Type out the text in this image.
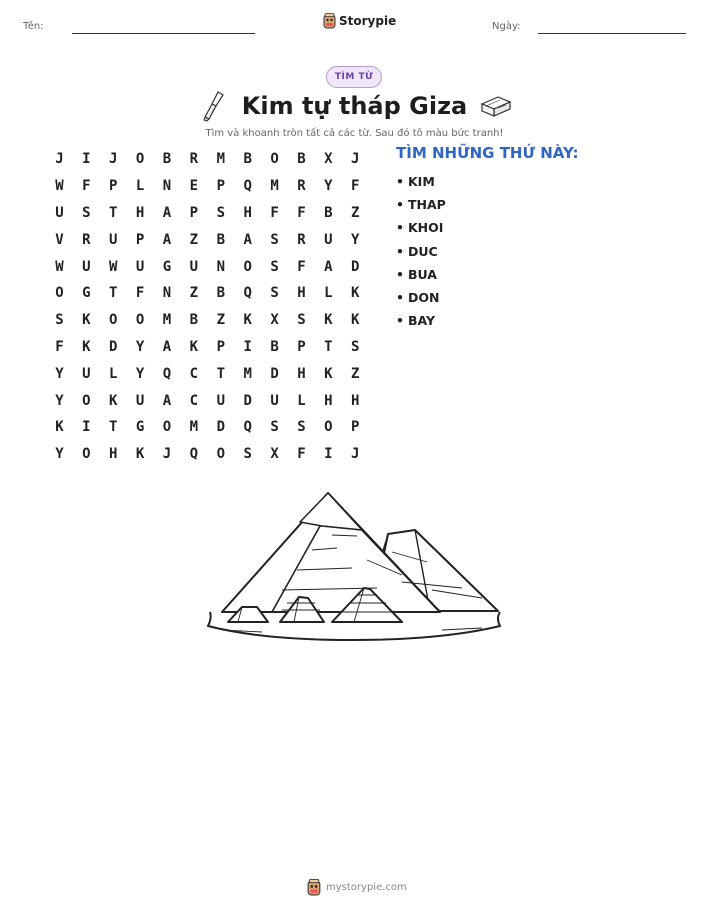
Tên:	Storypie	Ngày:
TÌM TỪ
Kim tự tháp Giza
Tìm và khoanh tròn tất cả các từ. Sau đó tô màu bức tranh!
J	I	J	O	B	R	M	B	O	B	X	J
W	F	P	L	N	E	P	Q	M	R	Y	F
U	S	T	H	A	P	S	H	F	F	B	Z
V	R	U	P	A	Z	B	A	S	R	U	Y
W	U	W	U	G	U	N	O	S	F	A	D
O	G	T	F	N	Z	B	Q	S	H	L	K
S	K	O	O	M	B	Z	K	X	S	K	K
F	K	D	Y	A	K	P	I	B	P	T	S
Y	U	L	Y	Q	C	T	M	D	H	K	Z
Y	O	K	U	A	C	U	D	U	L	H	H
K	I	T	G	O	M	D	Q	S	S	O	P
Y	O	H	K	J	Q	O	S	X	F	I	J
TÌM NHỮNG THỨ NÀY:
• KIM
• THAP
• KHOI
• DUC
• BUA
• DON
• BAY
mystorypie.com
